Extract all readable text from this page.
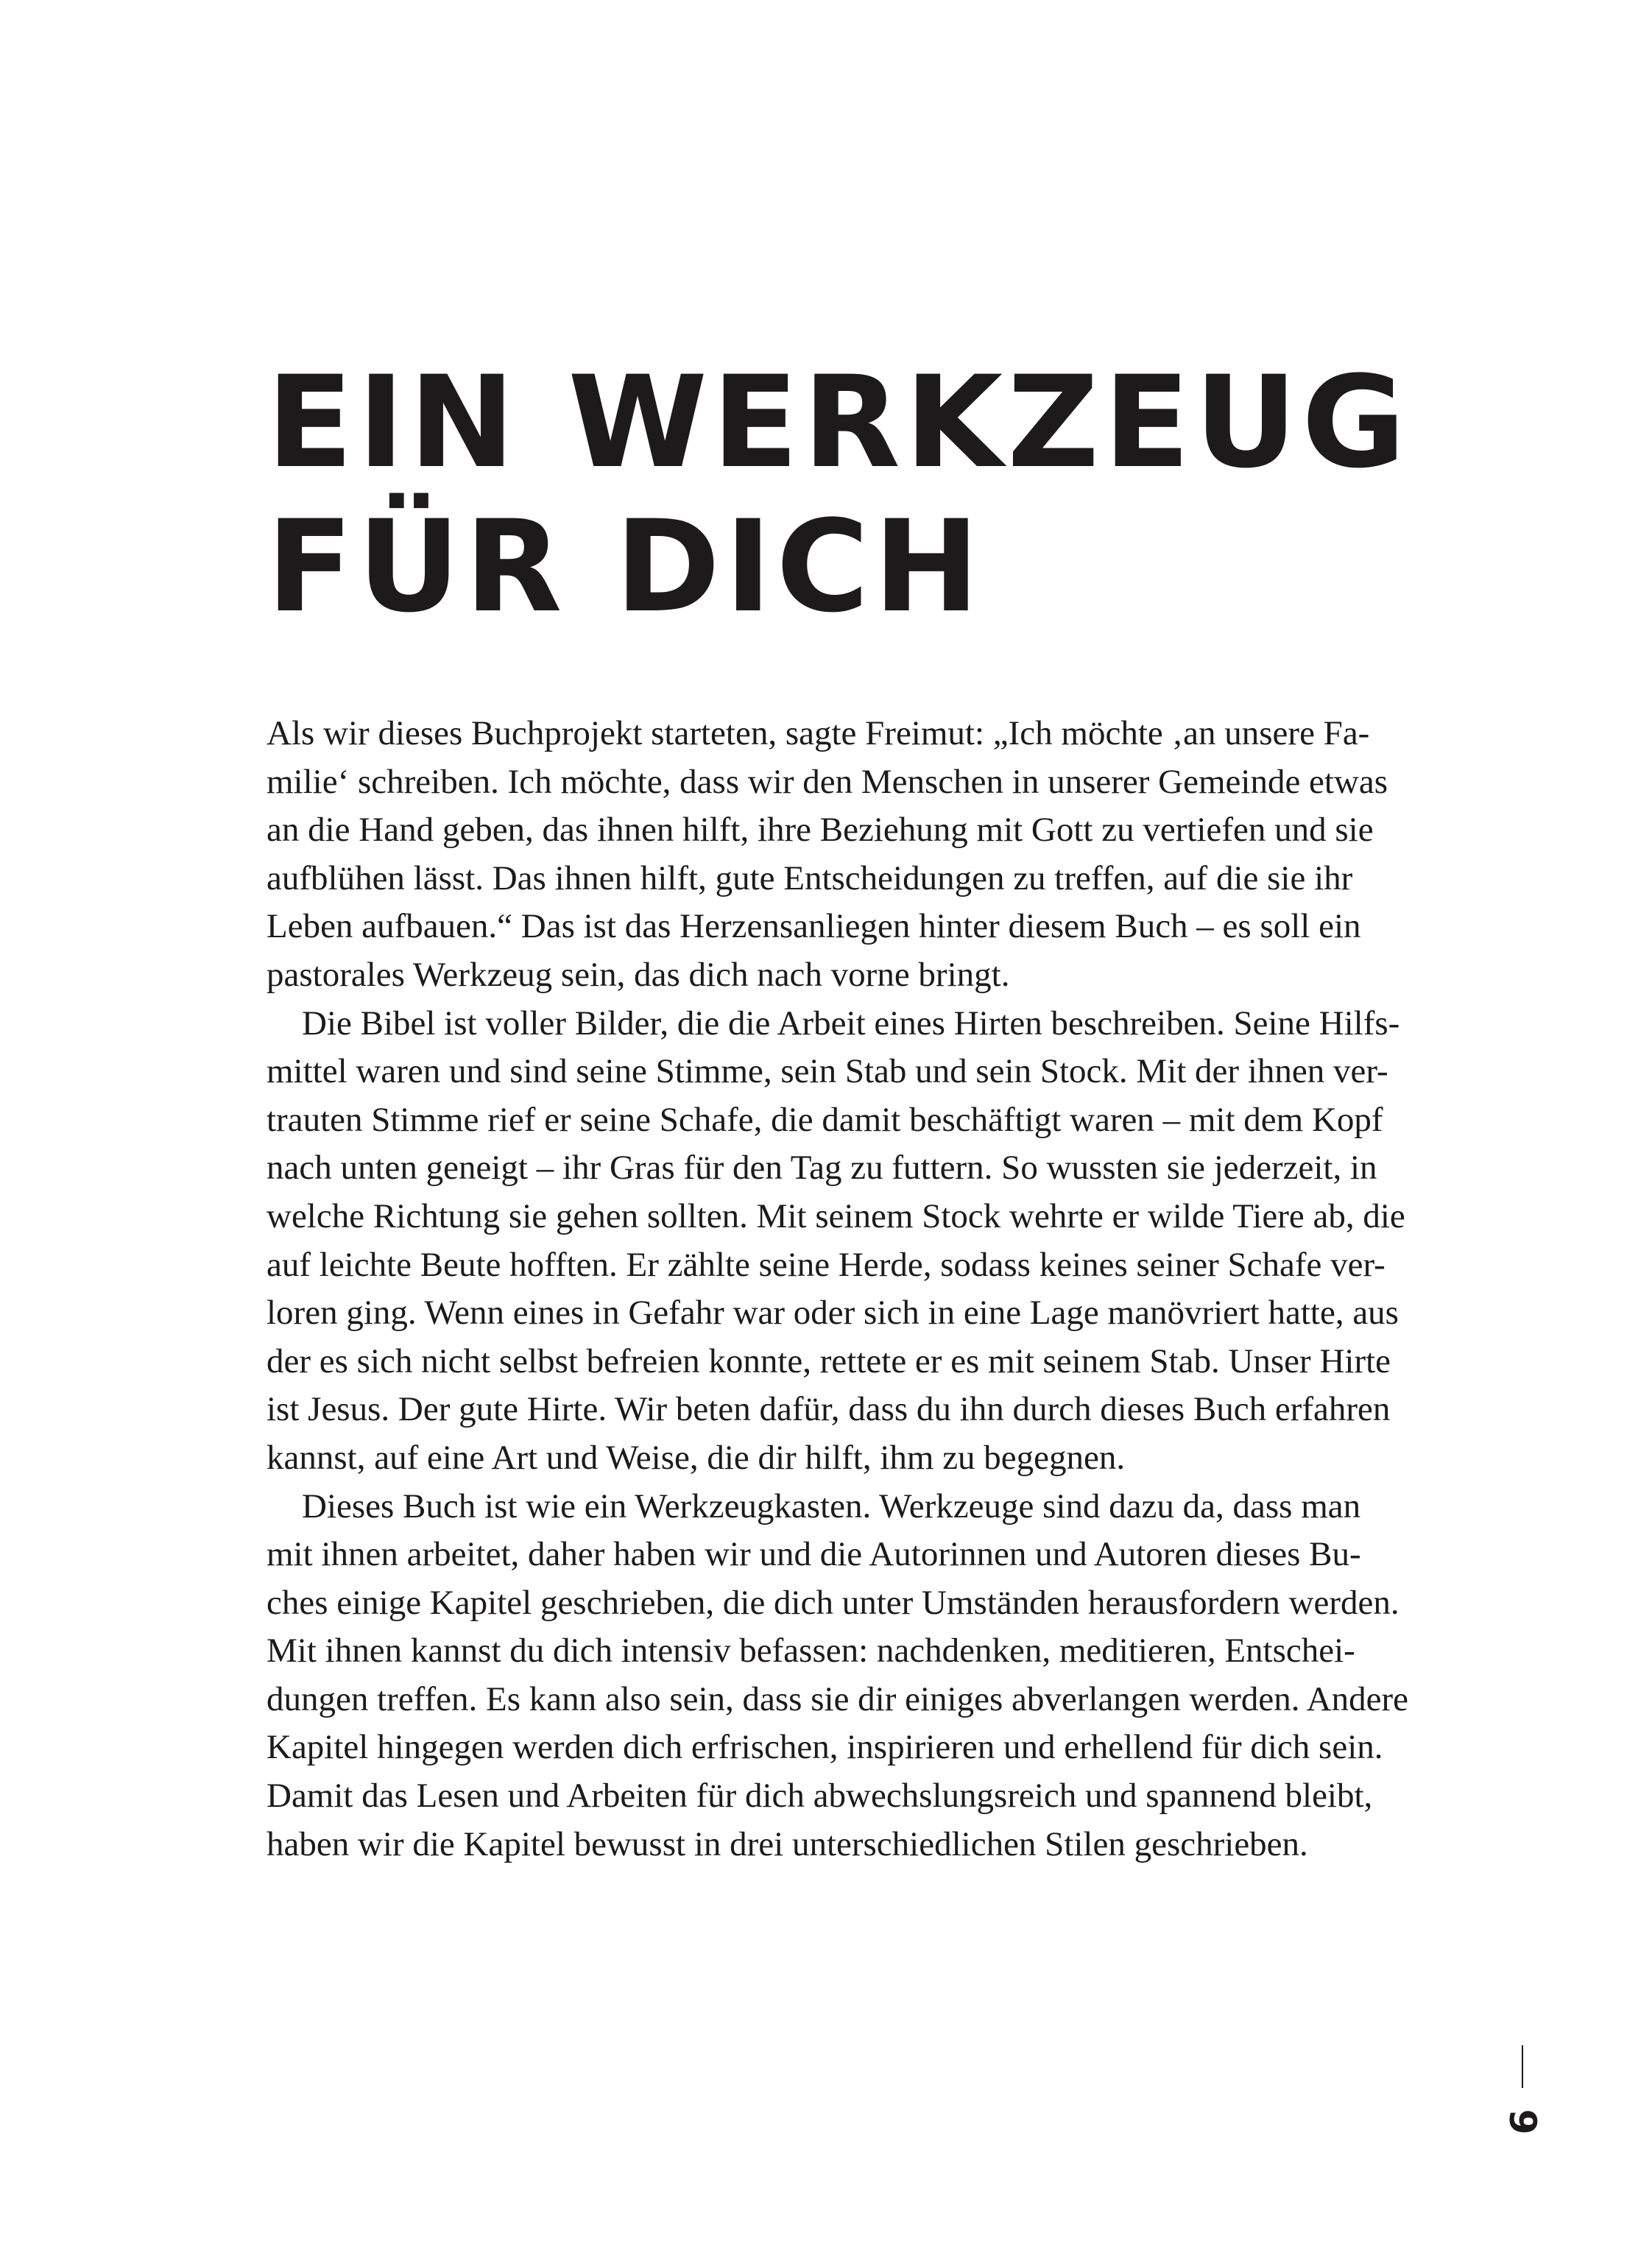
EIN WERKZEUG
FÜR DICH
Als wir dieses Buchprojekt starteten, sagte Freimut: „Ich möchte ‚an unsere Fa-
milie‘ schreiben. Ich möchte, dass wir den Menschen in unserer Gemeinde etwas
an die Hand geben, das ihnen hilft, ihre Beziehung mit Gott zu vertiefen und sie
aufblühen lässt. Das ihnen hilft, gute Entscheidungen zu treffen, auf die sie ihr
Leben aufbauen.“ Das ist das Herzensanliegen hinter diesem Buch – es soll ein
pastorales Werkzeug sein, das dich nach vorne bringt.
Die Bibel ist voller Bilder, die die Arbeit eines Hirten beschreiben. Seine Hilfs-
mittel waren und sind seine Stimme, sein Stab und sein Stock. Mit der ihnen ver-
trauten Stimme rief er seine Schafe, die damit beschäftigt waren – mit dem Kopf
nach unten geneigt – ihr Gras für den Tag zu futtern. So wussten sie jederzeit, in
welche Richtung sie gehen sollten. Mit seinem Stock wehrte er wilde Tiere ab, die
auf leichte Beute hofften. Er zählte seine Herde, sodass keines seiner Schafe ver-
loren ging. Wenn eines in Gefahr war oder sich in eine Lage manövriert hatte, aus
der es sich nicht selbst befreien konnte, rettete er es mit seinem Stab. Unser Hirte
ist Jesus. Der gute Hirte. Wir beten dafür, dass du ihn durch dieses Buch erfahren
kannst, auf eine Art und Weise, die dir hilft, ihm zu begegnen.
Dieses Buch ist wie ein Werkzeugkasten. Werkzeuge sind dazu da, dass man
mit ihnen arbeitet, daher haben wir und die Autorinnen und Autoren dieses Bu-
ches einige Kapitel geschrieben, die dich unter Umständen herausfordern werden.
Mit ihnen kannst du dich intensiv befassen: nachdenken, meditieren, Entschei-
dungen treffen. Es kann also sein, dass sie dir einiges abverlangen werden. Andere
Kapitel hingegen werden dich erfrischen, inspirieren und erhellend für dich sein.
Damit das Lesen und Arbeiten für dich abwechslungsreich und spannend bleibt,
haben wir die Kapitel bewusst in drei unterschiedlichen Stilen geschrieben.
9
